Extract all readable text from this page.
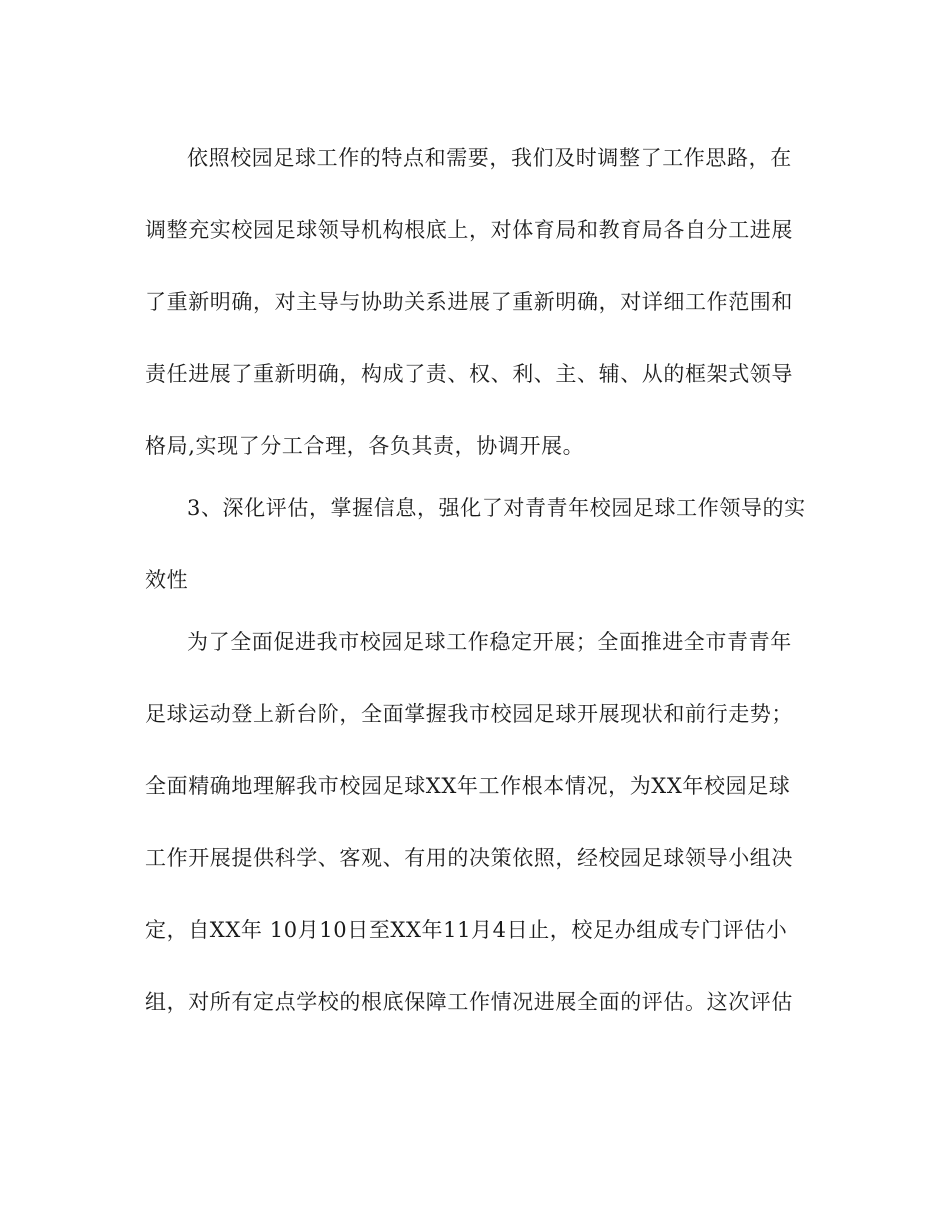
依照校园足球工作的特点和需要，我们及时调整了工作思路，在
调整充实校园足球领导机构根底上，对体育局和教育局各自分工进展
了重新明确，对主导与协助关系进展了重新明确，对详细工作范围和
责任进展了重新明确，构成了责、权、利、主、辅、从的框架式领导
格局,实现了分工合理，各负其责，协调开展。
3、深化评估，掌握信息，强化了对青青年校园足球工作领导的实
效性
为了全面促进我市校园足球工作稳定开展；全面推进全市青青年
足球运动登上新台阶，全面掌握我市校园足球开展现状和前行走势；
全面精确地理解我市校园足球XX年工作根本情况，为XX年校园足球
工作开展提供科学、客观、有用的决策依照，经校园足球领导小组决
定，自XX年 10月10日至XX年11月4日止，校足办组成专门评估小
组，对所有定点学校的根底保障工作情况进展全面的评估。这次评估
